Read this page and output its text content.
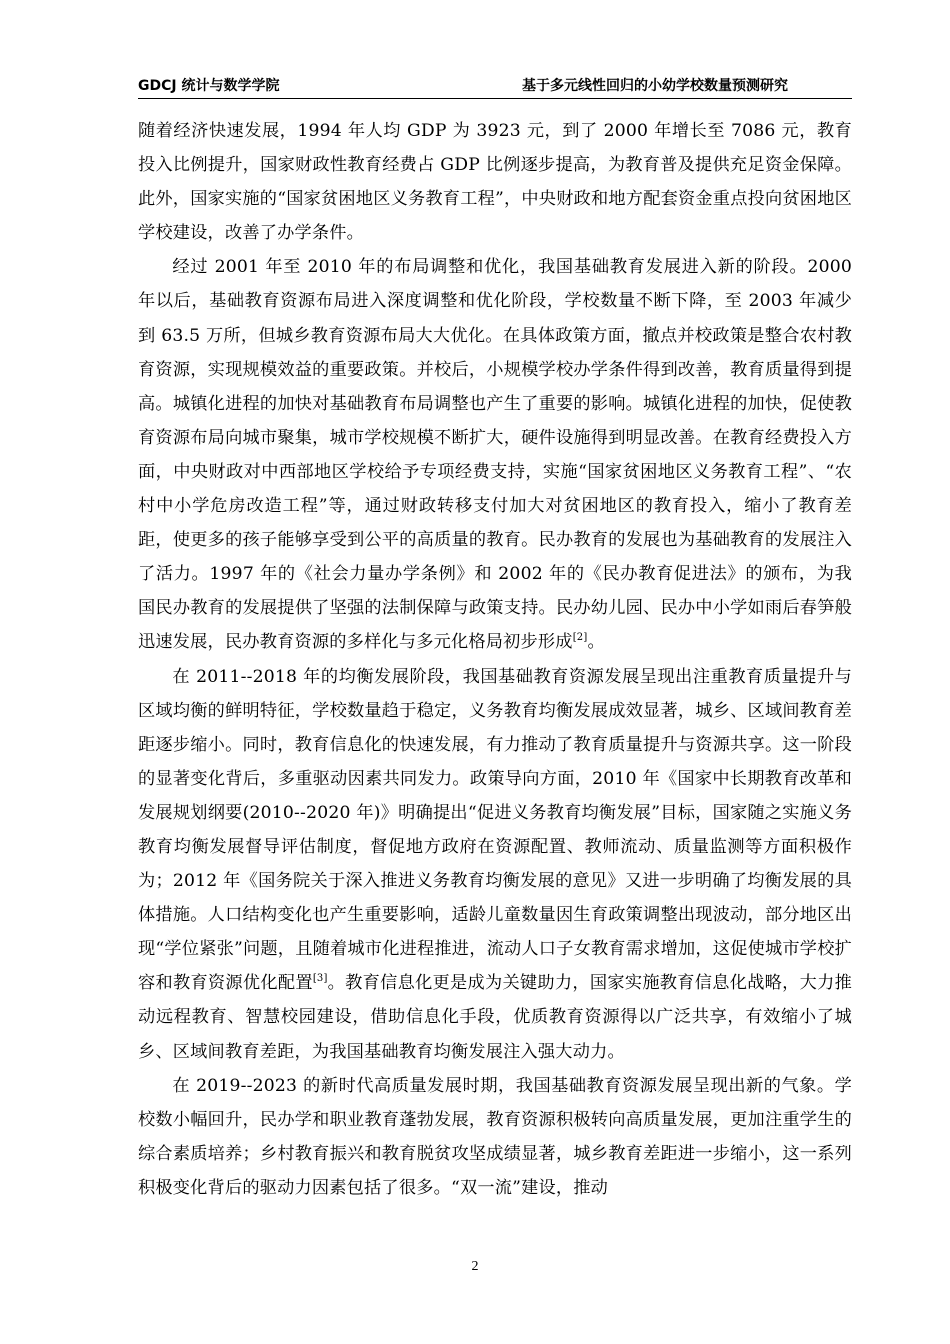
GDCJ 统计与数学学院	基于多元线性回归的小幼学校数量预测研究

随着经济快速发展，1994 年人均 GDP 为 3923 元，到了 2000 年增长至 7086 元，教育投入比例提升，国家财政性教育经费占 GDP 比例逐步提高，为教育普及提供充足资金保障。此外，国家实施的“国家贫困地区义务教育工程”，中央财政和地方配套资金重点投向贫困地区学校建设，改善了办学条件。

经过 2001 年至 2010 年的布局调整和优化，我国基础教育发展进入新的阶段。2000 年以后，基础教育资源布局进入深度调整和优化阶段，学校数量不断下降，至 2003 年减少到 63.5 万所，但城乡教育资源布局大大优化。在具体政策方面，撤点并校政策是整合农村教育资源，实现规模效益的重要政策。并校后，小规模学校办学条件得到改善，教育质量得到提高。城镇化进程的加快对基础教育布局调整也产生了重要的影响。城镇化进程的加快，促使教育资源布局向城市聚集，城市学校规模不断扩大，硬件设施得到明显改善。在教育经费投入方面，中央财政对中西部地区学校给予专项经费支持，实施“国家贫困地区义务教育工程”、“农村中小学危房改造工程”等，通过财政转移支付加大对贫困地区的教育投入，缩小了教育差距，使更多的孩子能够享受到公平的高质量的教育。民办教育的发展也为基础教育的发展注入了活力。1997 年的《社会力量办学条例》和 2002 年的《民办教育促进法》的颁布，为我国民办教育的发展提供了坚强的法制保障与政策支持。民办幼儿园、民办中小学如雨后春笋般迅速发展，民办教育资源的多样化与多元化格局初步形成[2]。

在 2011--2018 年的均衡发展阶段，我国基础教育资源发展呈现出注重教育质量提升与区域均衡的鲜明特征，学校数量趋于稳定，义务教育均衡发展成效显著，城乡、区域间教育差距逐步缩小。同时，教育信息化的快速发展，有力推动了教育质量提升与资源共享。这一阶段的显著变化背后，多重驱动因素共同发力。政策导向方面，2010 年《国家中长期教育改革和发展规划纲要(2010--2020 年)》明确提出“促进义务教育均衡发展”目标，国家随之实施义务教育均衡发展督导评估制度，督促地方政府在资源配置、教师流动、质量监测等方面积极作为；2012 年《国务院关于深入推进义务教育均衡发展的意见》又进一步明确了均衡发展的具体措施。人口结构变化也产生重要影响，适龄儿童数量因生育政策调整出现波动，部分地区出现“学位紧张”问题，且随着城市化进程推进，流动人口子女教育需求增加，这促使城市学校扩容和教育资源优化配置[3]。教育信息化更是成为关键助力，国家实施教育信息化战略，大力推动远程教育、智慧校园建设，借助信息化手段，优质教育资源得以广泛共享，有效缩小了城乡、区域间教育差距，为我国基础教育均衡发展注入强大动力。

在 2019--2023 的新时代高质量发展时期，我国基础教育资源发展呈现出新的气象。学校数小幅回升，民办学和职业教育蓬勃发展，教育资源积极转向高质量发展，更加注重学生的综合素质培养；乡村教育振兴和教育脱贫攻坚成绩显著，城乡教育差距进一步缩小，这一系列积极变化背后的驱动力因素包括了很多。“双一流”建设，推动

2
